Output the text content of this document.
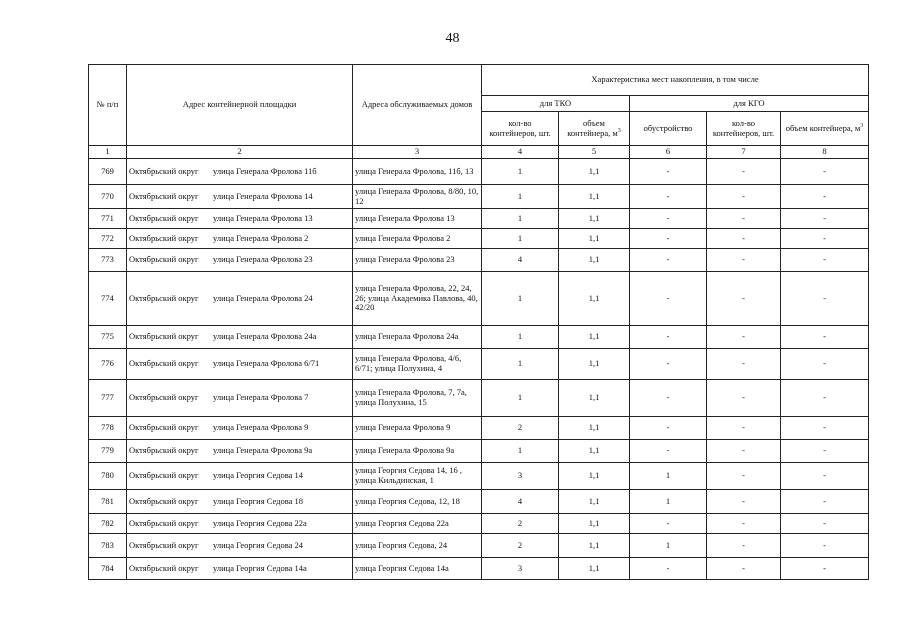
48
№ п/п	Адрес контейнерной площадки	Адреса обслуживаемых домов	Характеристика мест накопления, в том числе				
			для ТКО		для КГО		
			кол-во контейнеров, шт.	объем контейнера, $м^3$	обустройство	кол-во контейнеров, шт.	объем контейнера, $м^3$
1	2	3	4	5	6	7	8
769	Октябрьский округ улица Генерала Фролова 11б	улица Генерала Фролова, 11б, 13	1	1,1	-	-	-
770	Октябрьский округ улица Генерала Фролова 14	улица Генерала Фролова, 8/80, 10, 12	1	1,1	-	-	-
771	Октябрьский округ улица Генерала Фролова 13	улица Генерала Фролова 13	1	1,1	-	-	-
772	Октябрьский округ улица Генерала Фролова 2	улица Генерала Фролова 2	1	1,1	-	-	-
773	Октябрьский округ улица Генерала Фролова 23	улица Генерала Фролова 23	4	1,1	-	-	-
774	Октябрьский округ улица Генерала Фролова 24	улица Генерала Фролова, 22, 24, 26; улица Академика Павлова, 40, 42/20	1	1,1	-	-	-
775	Октябрьский округ улица Генерала Фролова 24а	улица Генерала Фролова 24а	1	1,1	-	-	-
776	Октябрьский округ улица Генерала Фролова 6/71	улица Генерала Фролова, 4/6, 6/71; улица Полухина, 4	1	1,1	-	-	-
777	Октябрьский округ улица Генерала Фролова 7	улица Генерала Фролова, 7, 7а, улица Полухина, 15	1	1,1	-	-	-
778	Октябрьский округ улица Генерала Фролова 9	улица Генерала Фролова 9	2	1,1	-	-	-
779	Октябрьский округ улица Генерала Фролова 9а	улица Генерала Фролова 9а	1	1,1	-	-	-
780	Октябрьский округ улица Георгия Седова 14	улица Георгия Седова 14, 16 , улица Кильдинская, 1	3	1,1	1	-	-
781	Октябрьский округ улица Георгия Седова 18	улица Георгия Седова, 12, 18	4	1,1	1	-	-
782	Октябрьский округ улица Георгия Седова 22а	улица Георгия Седова 22а	2	1,1	-	-	-
783	Октябрьский округ улица Георгия Седова 24	улица Георгия Седова, 24	2	1,1	1	-	-
784	Октябрьский округ улица Георгия Седова 14а	улица Георгия Седова 14а	3	1,1	-	-	-
